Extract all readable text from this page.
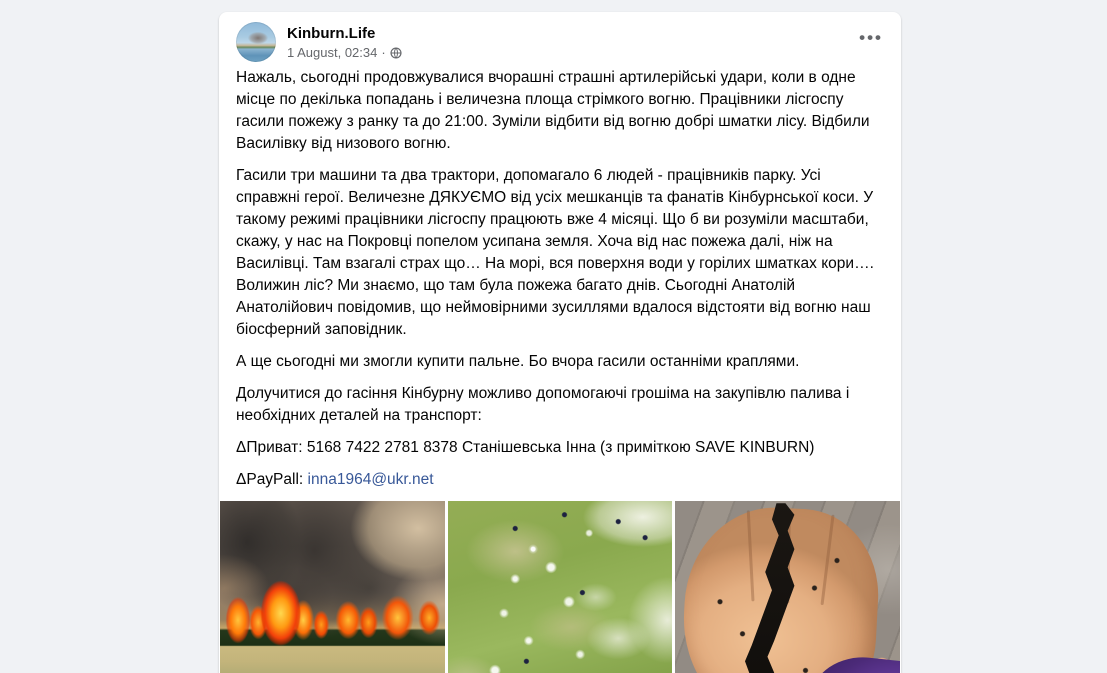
Kinburn.Life
1 August, 02:34 ·
•••

Нажаль, сьогодні продовжувалися вчорашні страшні артилерійські удари, коли в одне місце по декілька попадань і величезна площа стрімкого вогню. Працівники лісгоспу гасили пожежу з ранку та до 21:00. Зуміли відбити від вогню добрі шматки лісу. Відбили Василівку від низового вогню.

Гасили три машини та два трактори, допомагало 6 людей - працівників парку. Усі справжні герої. Величезне ДЯКУЄМО від усіх мешканців та фанатів Кінбурнської коси. У такому режимі працівники лісгоспу працюють вже 4 місяці. Що б ви розуміли масштаби, скажу, у нас на Покровці попелом усипана земля. Хоча від нас пожежа далі, ніж на Василівці. Там взагалі страх що… На морі, вся поверхня води у горілих шматках кори…. Волижин ліс? Ми знаємо, що там була пожежа багато днів. Сьогодні Анатолій Анатолійович повідомив, що неймовірними зусиллями вдалося відстояти від вогню наш біосферний заповідник.

А ще сьогодні ми змогли купити пальне. Бо вчора гасили останніми краплями.

Долучитися до гасіння Кінбурну можливо допомогаючі грошіма на закупівлю палива і необхідних деталей на транспорт:

ΔПриват: 5168 7422 2781 8378 Станішевська Інна (з приміткою SAVE KINBURN)

ΔPayPall: inna1964@ukr.net
